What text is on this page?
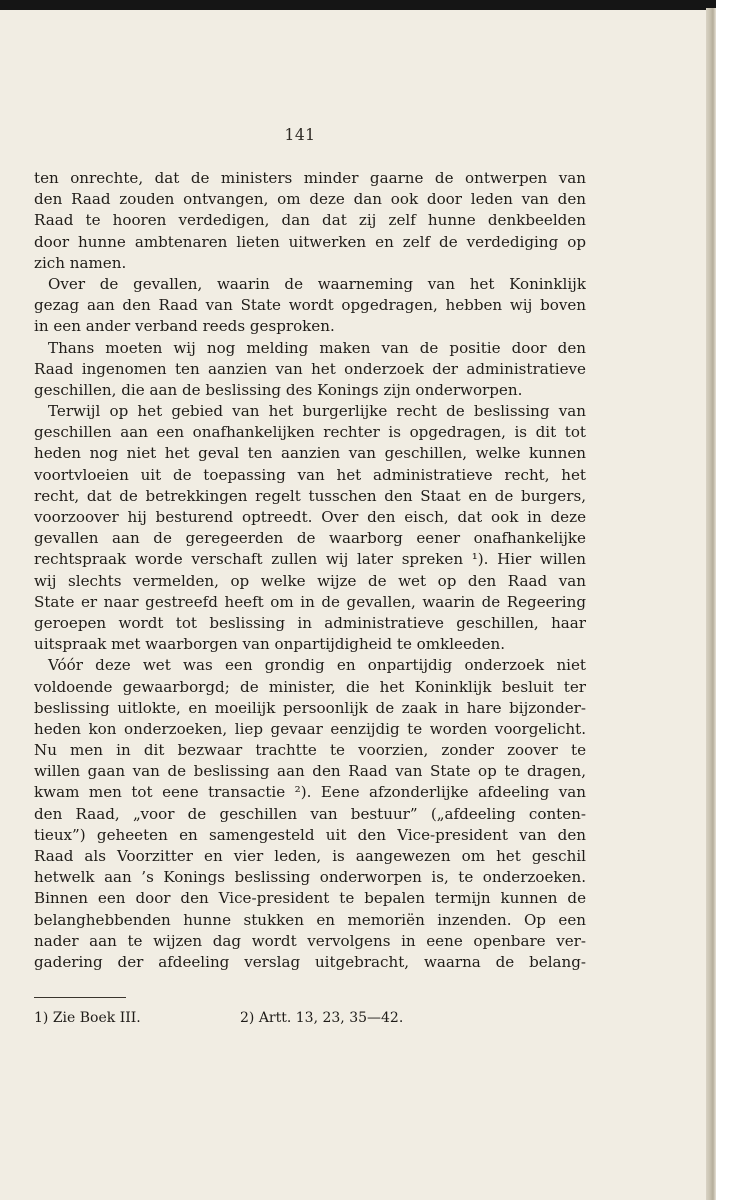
141
ten onrechte, dat de ministers minder gaarne de ontwerpen van
den Raad zouden ontvangen, om deze dan ook door leden van den
Raad te hooren verdedigen, dan dat zij zelf hunne denkbeelden
door hunne ambtenaren lieten uitwerken en zelf de verdediging op
zich namen.
Over de gevallen, waarin de waarneming van het Koninklijk
gezag aan den Raad van State wordt opgedragen, hebben wij boven
in een ander verband reeds gesproken.
Thans moeten wij nog melding maken van de positie door den
Raad ingenomen ten aanzien van het onderzoek der administratieve
geschillen, die aan de beslissing des Konings zijn onderworpen.
Terwijl op het gebied van het burgerlijke recht de beslissing van
geschillen aan een onafhankelijken rechter is opgedragen, is dit tot
heden nog niet het geval ten aanzien van geschillen, welke kunnen
voortvloeien uit de toepassing van het administratieve recht, het
recht, dat de betrekkingen regelt tusschen den Staat en de burgers,
voorzoover hij besturend optreedt. Over den eisch, dat ook in deze
gevallen aan de geregeerden de waarborg eener onafhankelijke
rechtspraak worde verschaft zullen wij later spreken ¹). Hier willen
wij slechts vermelden, op welke wijze de wet op den Raad van
State er naar gestreefd heeft om in de gevallen, waarin de Regeering
geroepen wordt tot beslissing in administratieve geschillen, haar
uitspraak met waarborgen van onpartijdigheid te omkleeden.
Vóór deze wet was een grondig en onpartijdig onderzoek niet
voldoende gewaarborgd; de minister, die het Koninklijk besluit ter
beslissing uitlokte, en moeilijk persoonlijk de zaak in hare bijzonder-
heden kon onderzoeken, liep gevaar eenzijdig te worden voorgelicht.
Nu men in dit bezwaar trachtte te voorzien, zonder zoover te
willen gaan van de beslissing aan den Raad van State op te dragen,
kwam men tot eene transactie ²). Eene afzonderlijke afdeeling van
den Raad, „voor de geschillen van bestuur” („afdeeling conten-
tieux”) geheeten en samengesteld uit den Vice-president van den
Raad als Voorzitter en vier leden, is aangewezen om het geschil
hetwelk aan ’s Konings beslissing onderworpen is, te onderzoeken.
Binnen een door den Vice-president te bepalen termijn kunnen de
belanghebbenden hunne stukken en memoriën inzenden. Op een
nader aan te wijzen dag wordt vervolgens in eene openbare ver-
gadering der afdeeling verslag uitgebracht, waarna de belang-
1) Zie Boek III.	2) Artt. 13, 23, 35—42.
